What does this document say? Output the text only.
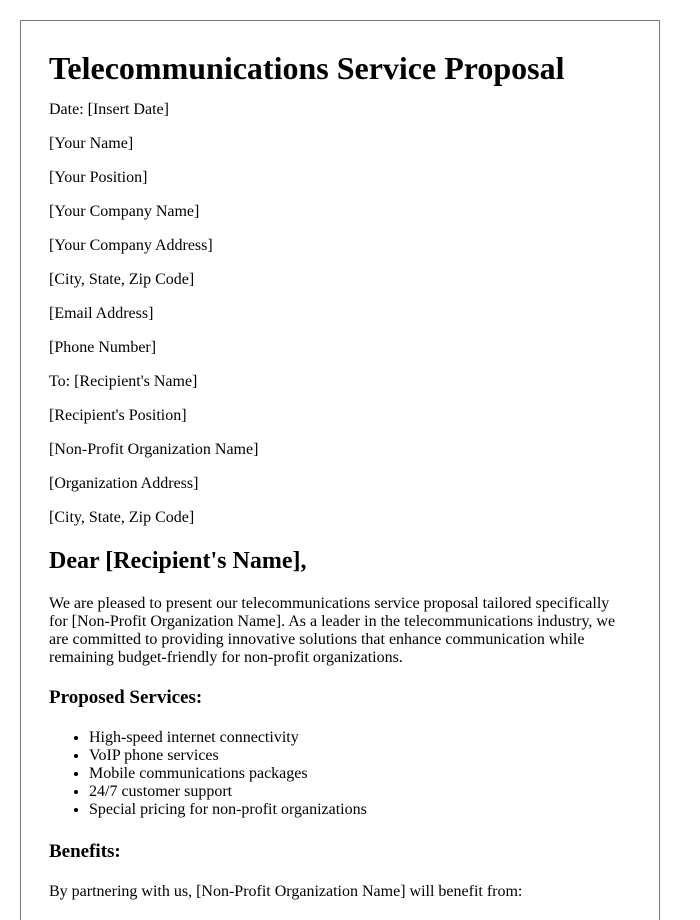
Telecommunications Service Proposal

Date: [Insert Date]

[Your Name]

[Your Position]

[Your Company Name]

[Your Company Address]

[City, State, Zip Code]

[Email Address]

[Phone Number]

To: [Recipient's Name]

[Recipient's Position]

[Non-Profit Organization Name]

[Organization Address]

[City, State, Zip Code]

Dear [Recipient's Name],

We are pleased to present our telecommunications service proposal tailored specifically for [Non-Profit Organization Name]. As a leader in the telecommunications industry, we are committed to providing innovative solutions that enhance communication while remaining budget-friendly for non-profit organizations.

Proposed Services:
• High-speed internet connectivity
• VoIP phone services
• Mobile communications packages
• 24/7 customer support
• Special pricing for non-profit organizations
Benefits:

By partnering with us, [Non-Profit Organization Name] will benefit from:
